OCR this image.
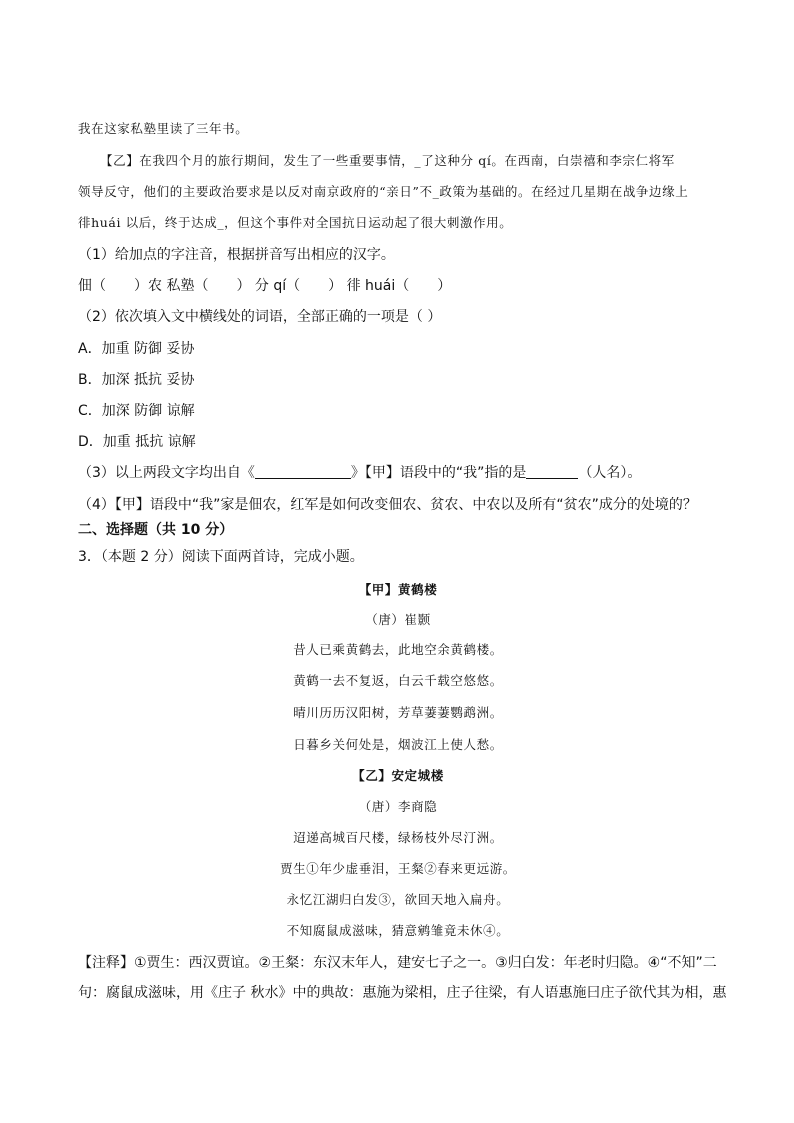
我在这家私塾里读了三年书。
【乙】在我四个月的旅行期间，发生了一些重要事情，_了这种分 qí。在西南，白崇禧和李宗仁将军
领导反守，他们的主要政治要求是以反对南京政府的“亲日”不_政策为基础的。在经过几星期在战争边缘上
徘huái 以后，终于达成_，但这个事件对全国抗日运动起了很大刺激作用。
（1）给加点的字注音，根据拼音写出相应的汉字。
佃（　　）农 私塾（　　） 分 qí（　　） 徘 huái（　　）
（2）依次填入文中横线处的词语，全部正确的一项是（ ）
A．加重 防御 妥协
B．加深 抵抗 妥协
C．加深 防御 谅解
D．加重 抵抗 谅解
（3）以上两段文字均出自《	》【甲】语段中的“我”指的是	（人名）。
（4）【甲】语段中“我”家是佃农，红军是如何改变佃农、贫农、中农以及所有“贫农”成分的处境的？
二、选择题（共 10 分）
3．（本题 2 分）阅读下面两首诗，完成小题。
【甲】黄鹤楼
（唐）崔颢
昔人已乘黄鹤去，此地空余黄鹤楼。
黄鹤一去不复返，白云千载空悠悠。
晴川历历汉阳树，芳草萋萋鹦鹉洲。
日暮乡关何处是，烟波江上使人愁。
【乙】安定城楼
（唐）李商隐
迢递高城百尺楼，绿杨枝外尽汀洲。
贾生①年少虚垂泪，王粲②春来更远游。
永忆江湖归白发③，欲回天地入扁舟。
不知腐鼠成滋味，猜意鹓雏竟未休④。
【注释】①贾生：西汉贾谊。②王粲：东汉末年人，建安七子之一。③归白发：年老时归隐。④“不知”二
句：腐鼠成滋味，用《庄子 秋水》中的典故：惠施为梁相，庄子往梁，有人语惠施曰庄子欲代其为相，惠
